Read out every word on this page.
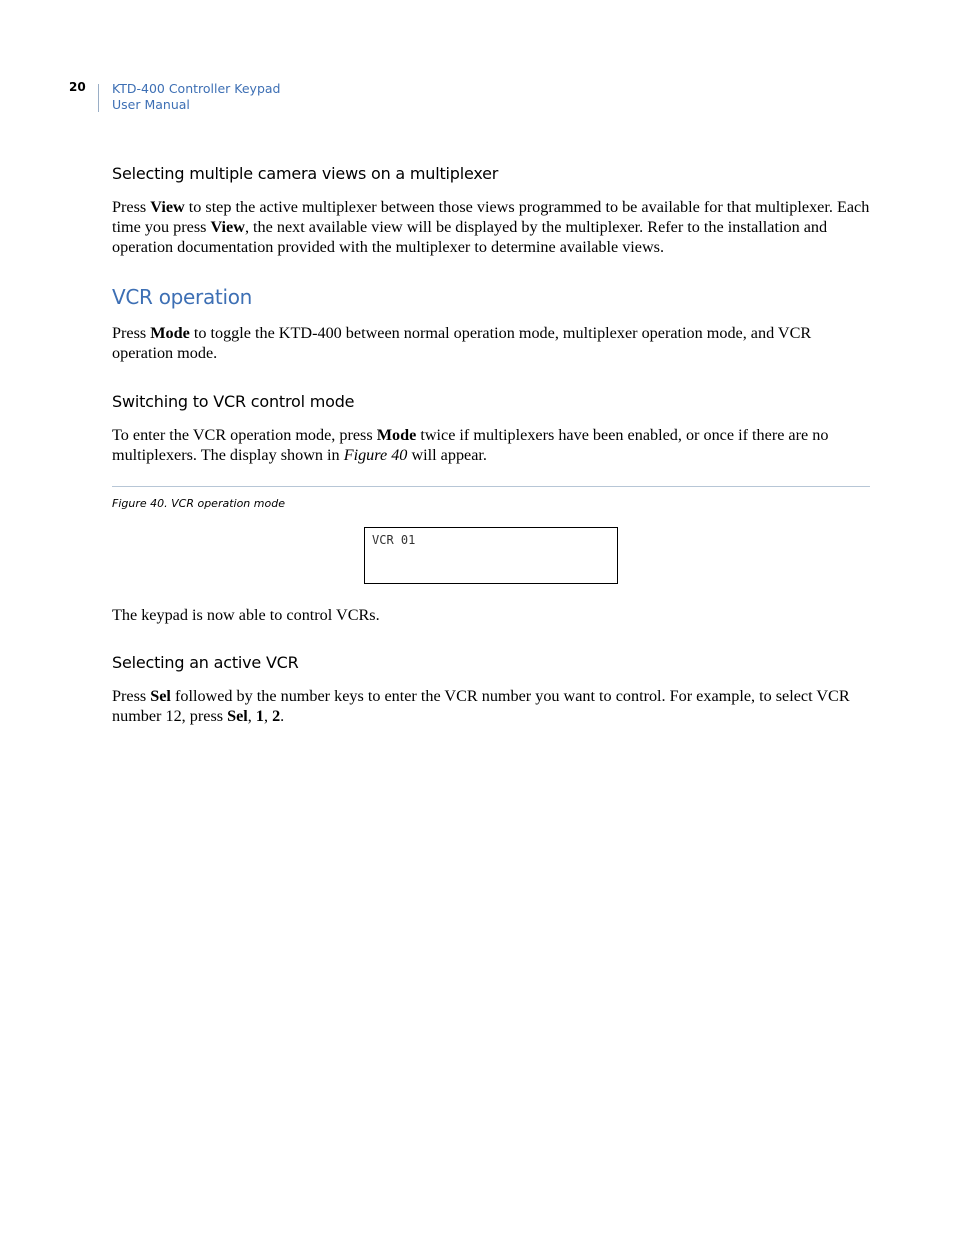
20 KTD-400 Controller Keypad
User Manual
Selecting multiple camera views on a multiplexer

Press View to step the active multiplexer between those views programmed to be available for that multiplexer. Each time you press View, the next available view will be displayed by the multiplexer. Refer to the installation and operation documentation provided with the multiplexer to determine available views.

VCR operation

Press Mode to toggle the KTD-400 between normal operation mode, multiplexer operation mode, and VCR operation mode.

Switching to VCR control mode

To enter the VCR operation mode, press Mode twice if multiplexers have been enabled, or once if there are no multiplexers. The display shown in Figure 40 will appear.

Figure 40. VCR operation mode
VCR 01

The keypad is now able to control VCRs.

Selecting an active VCR

Press Sel followed by the number keys to enter the VCR number you want to control. For example, to select VCR number 12, press Sel, 1, 2.
